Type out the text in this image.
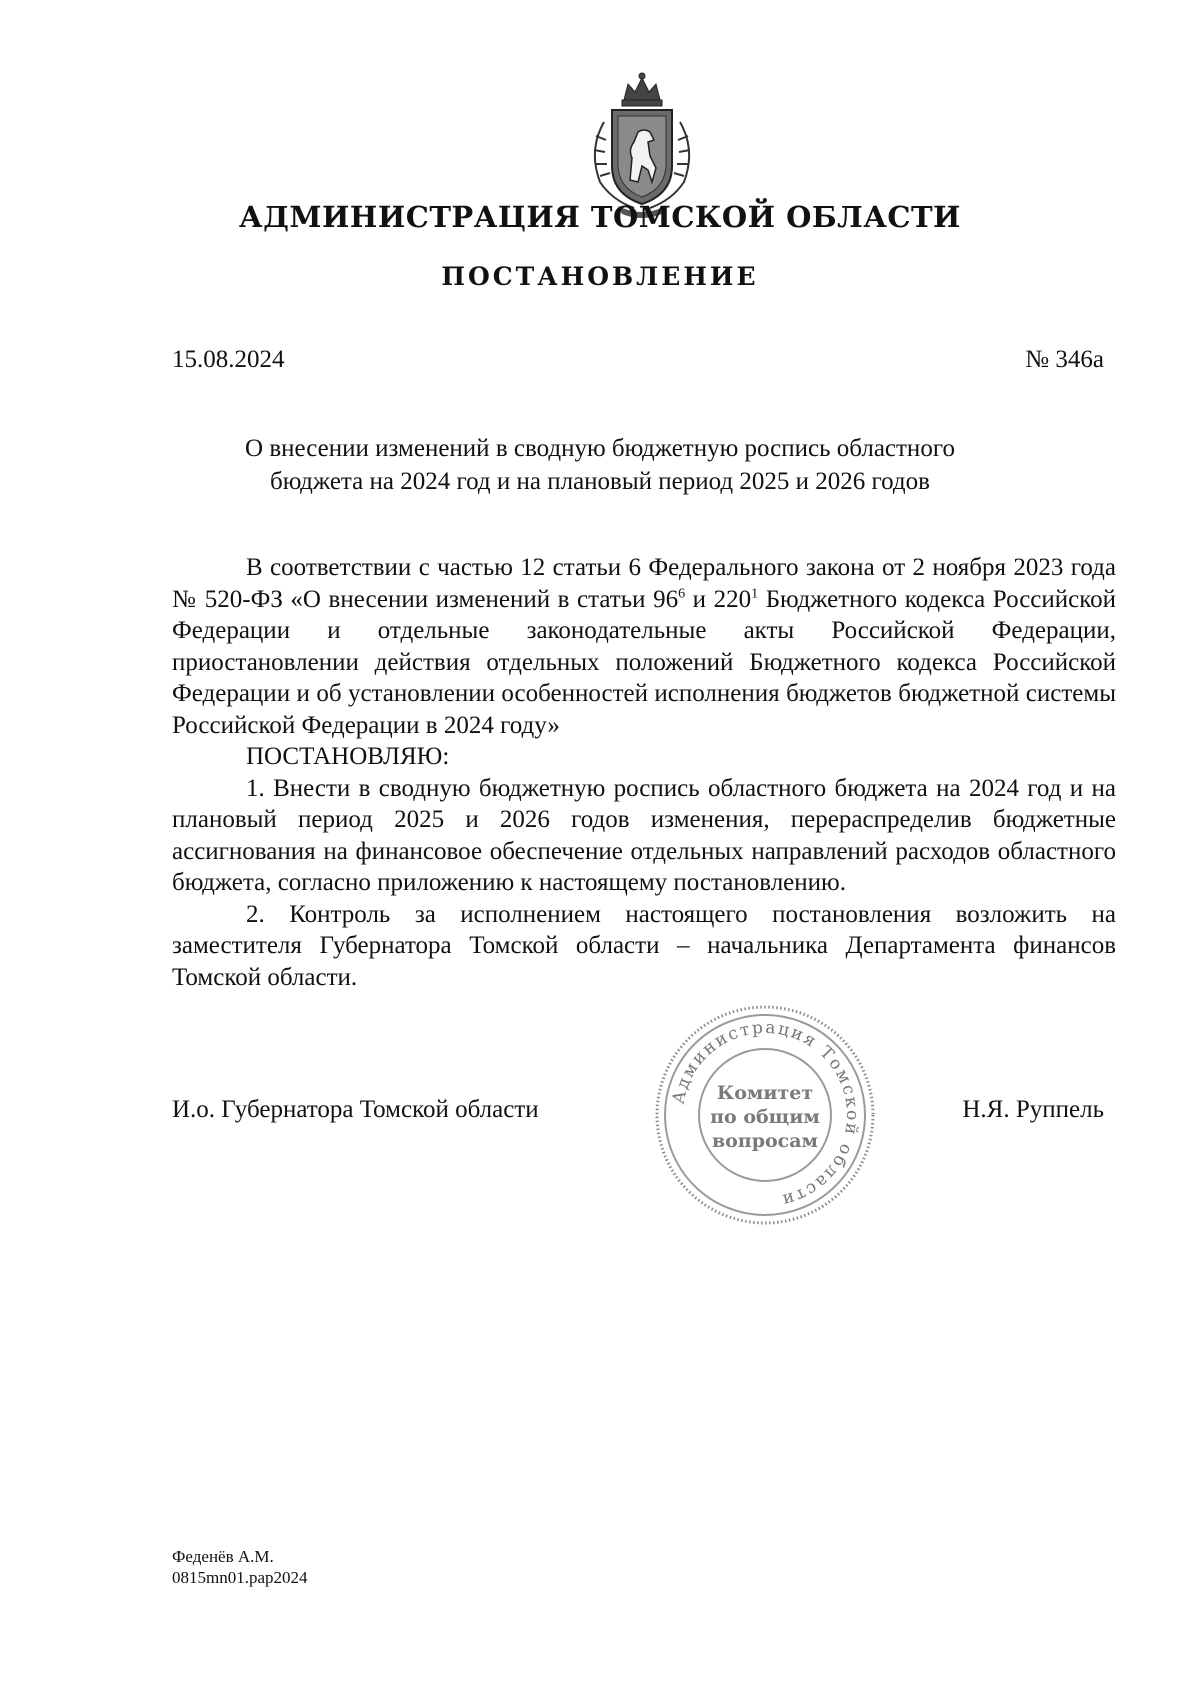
АДМИНИСТРАЦИЯ ТОМСКОЙ ОБЛАСТИ
ПОСТАНОВЛЕНИЕ
15.08.2024	№ 346а
О внесении изменений в сводную бюджетную роспись областного
бюджета на 2024 год и на плановый период 2025 и 2026 годов

В соответствии с частью 12 статьи 6 Федерального закона от 2 ноября 2023 года № 520-ФЗ «О внесении изменений в статьи $96^6$ и $220^1$ Бюджетного кодекса Российской Федерации и отдельные законодательные акты Российской Федерации, приостановлении действия отдельных положений Бюджетного кодекса Российской Федерации и об установлении особенностей исполнения бюджетов бюджетной системы Российской Федерации в 2024 году»

ПОСТАНОВЛЯЮ:

1. Внести в сводную бюджетную роспись областного бюджета на 2024 год и на плановый период 2025 и 2026 годов изменения, перераспределив бюджетные ассигнования на финансовое обеспечение отдельных направлений расходов областного бюджета, согласно приложению к настоящему постановлению.

2. Контроль за исполнением настоящего постановления возложить на заместителя Губернатора Томской области – начальника Департамента финансов Томской области.

И.о. Губернатора Томской области	Н.Я. Руппель
Администрация Томской области
Комитет
по общим
вопросам
Феденёв А.М.
0815mn01.pap2024
